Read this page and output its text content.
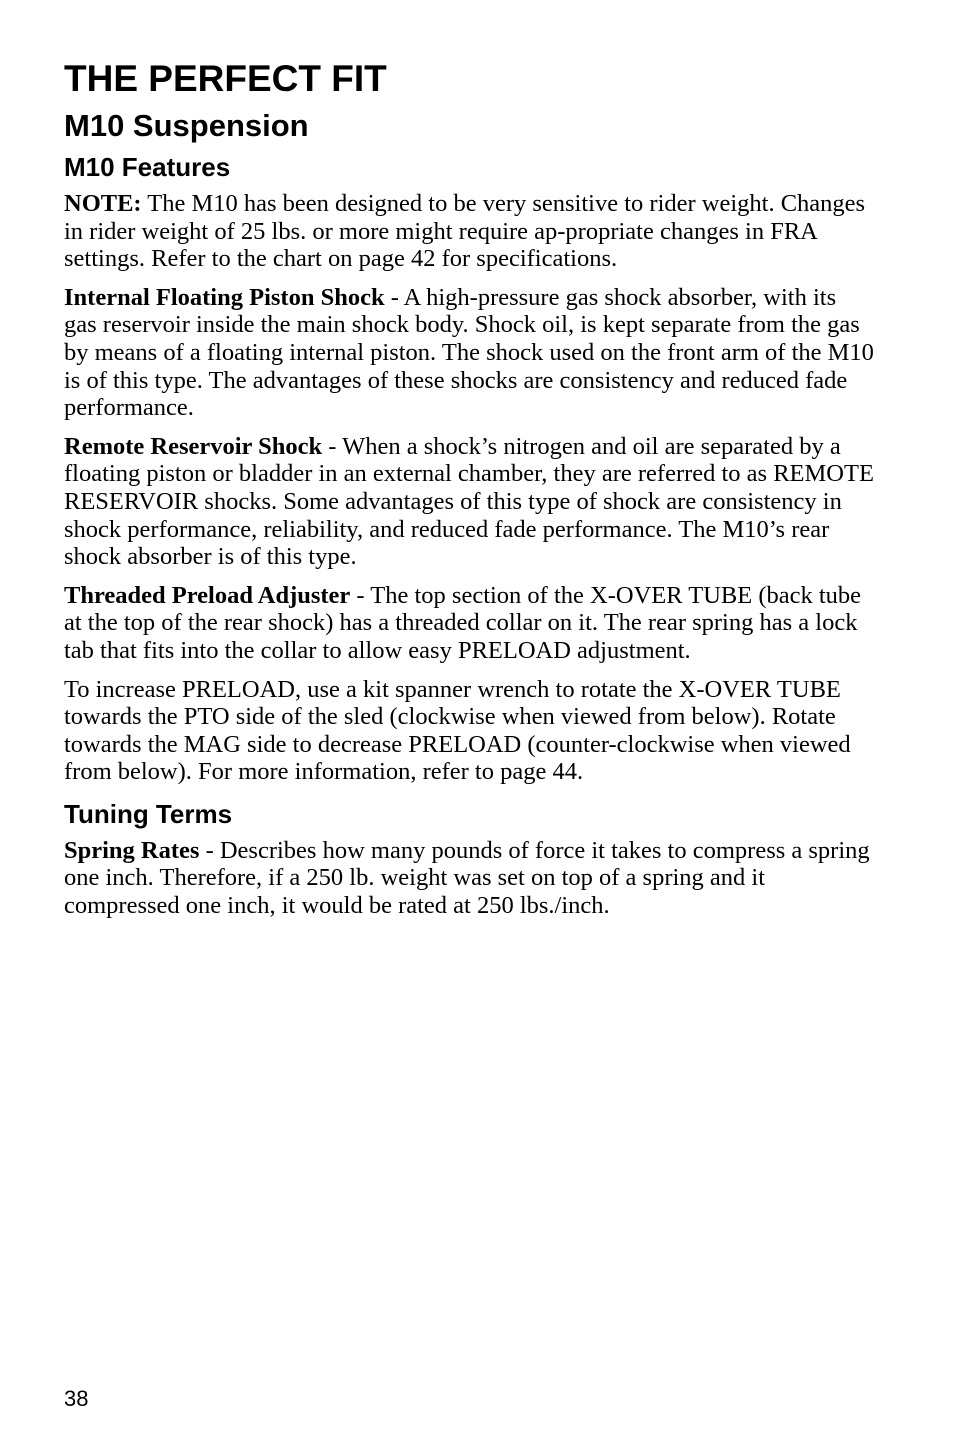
THE PERFECT FIT
M10 Suspension
M10 Features

NOTE: The M10 has been designed to be very sensitive to rider weight. Changes in rider weight of 25 lbs. or more might require ap-propriate changes in FRA settings. Refer to the chart on page 42 for specifications.

Internal Floating Piston Shock - A high-pressure gas shock absorber, with its gas reservoir inside the main shock body. Shock oil, is kept separate from the gas by means of a floating internal piston. The shock used on the front arm of the M10 is of this type. The advantages of these shocks are consistency and reduced fade performance.

Remote Reservoir Shock - When a shock’s nitrogen and oil are separated by a floating piston or bladder in an external chamber, they are referred to as REMOTE RESERVOIR shocks. Some advantages of this type of shock are consistency in shock performance, reliability, and reduced fade performance. The M10’s rear shock absorber is of this type.

Threaded Preload Adjuster - The top section of the X-OVER TUBE (back tube at the top of the rear shock) has a threaded collar on it. The rear spring has a lock tab that fits into the collar to allow easy PRELOAD adjustment.

To increase PRELOAD, use a kit spanner wrench to rotate the X-OVER TUBE towards the PTO side of the sled (clockwise when viewed from below). Rotate towards the MAG side to decrease PRELOAD (counter-clockwise when viewed from below). For more information, refer to page 44.

Tuning Terms

Spring Rates - Describes how many pounds of force it takes to compress a spring one inch. Therefore, if a 250 lb. weight was set on top of a spring and it compressed one inch, it would be rated at 250 lbs./inch.

38
